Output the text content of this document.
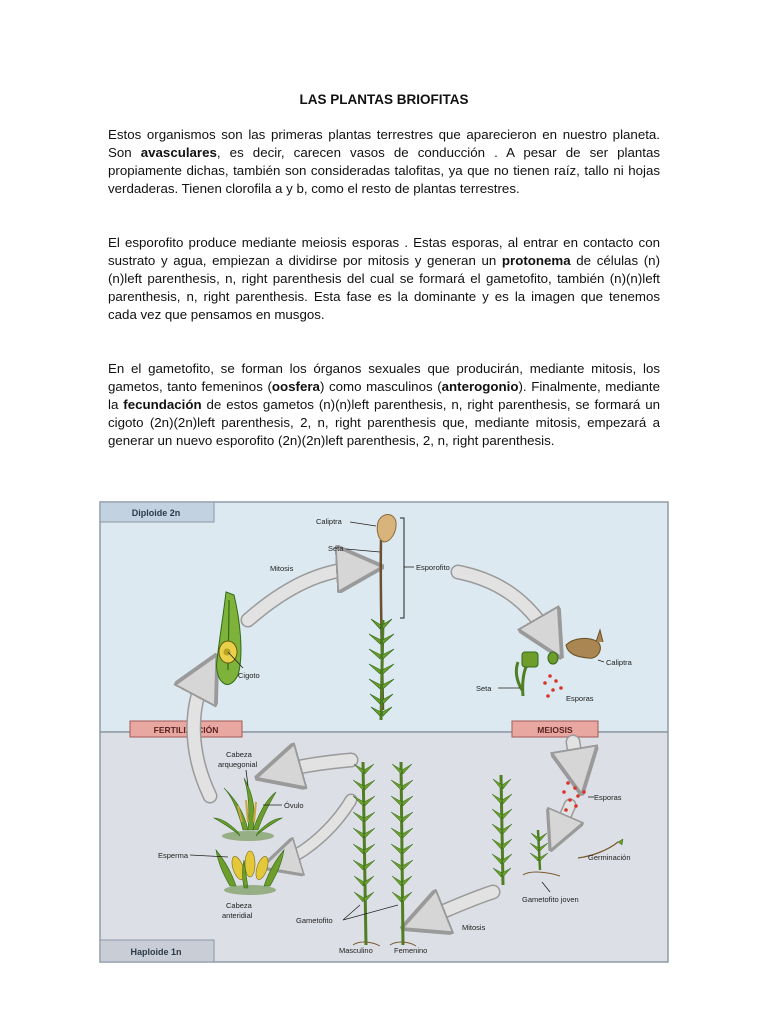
LAS PLANTAS BRIOFITAS

Estos organismos son las primeras plantas terrestres que aparecieron en nuestro planeta. Son avasculares, es decir, carecen vasos de conducción . A pesar de ser plantas propiamente dichas, también son consideradas talofitas, ya que no tienen raíz, tallo ni hojas verdaderas. Tienen clorofila a y b, como el resto de plantas terrestres.

El esporofito produce mediante meiosis esporas . Estas esporas, al entrar en contacto con sustrato y agua, empiezan a dividirse por mitosis y generan un protonema de células (n)(n)left parenthesis, n, right parenthesis del cual se formará el gametofito, también (n)(n)left parenthesis, n, right parenthesis. Esta fase es la dominante y es la imagen que tenemos cada vez que pensamos en musgos.

En el gametofito, se forman los órganos sexuales que producirán, mediante mitosis, los gametos, tanto femeninos (oosfera) como masculinos (anterogonio). Finalmente, mediante la fecundación de estos gametos (n)(n)left parenthesis, n, right parenthesis, se formará un cigoto (2n)(2n)left parenthesis, 2, n, right parenthesis que, mediante mitosis, empezará a generar un nuevo esporofito (2n)(2n)left parenthesis, 2, n, right parenthesis.

Diploide 2n
Haploide 1n
FERTILIZACIÓN	MEIOSIS
Caliptra
Seta
Esporofito
Mitosis
Cigoto
Caliptra
Seta
Esporas
Esporas
Germinación
Gametofito joven
Mitosis
Gametofito
Masculino	Femenino
Cabeza
arquegonial
Óvulo
Esperma
Cabeza
anteridial
